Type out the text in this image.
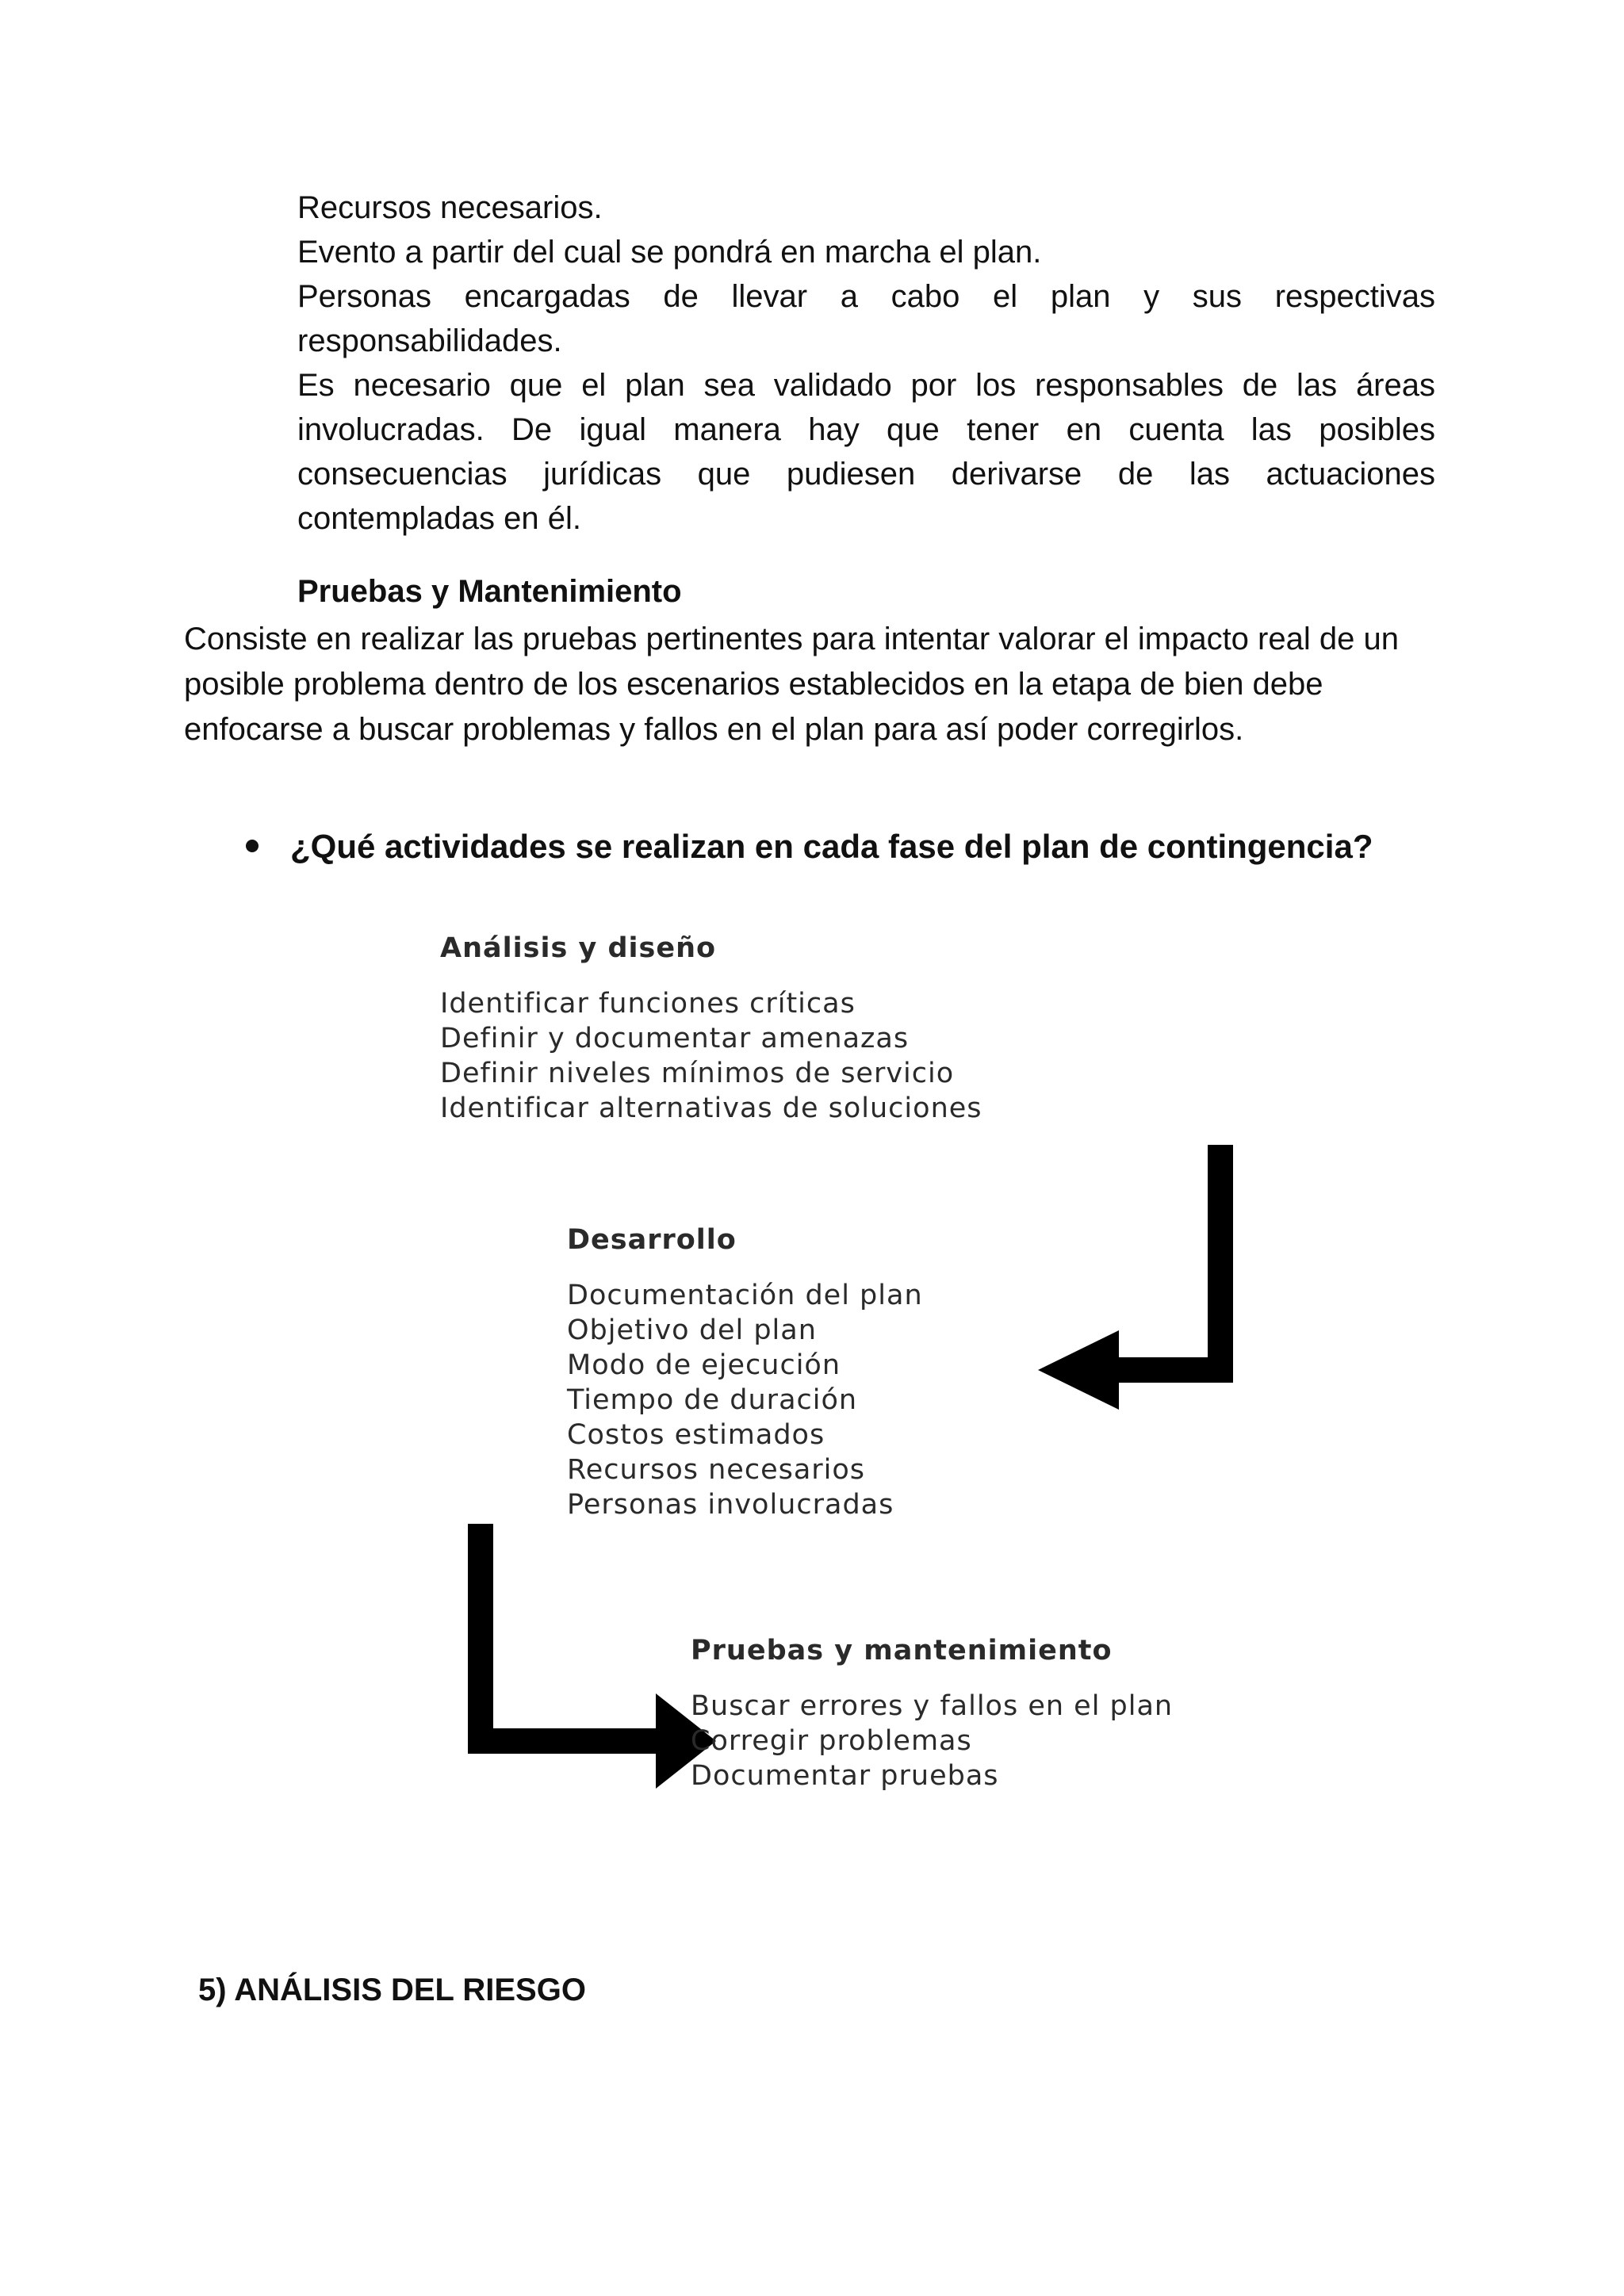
Recursos necesarios.
Evento a partir del cual se pondrá en marcha el plan.
Personas encargadas de llevar a cabo el plan y sus respectivas
responsabilidades.
Es necesario que el plan sea validado por los responsables de las áreas
involucradas. De igual manera hay que tener en cuenta las posibles
consecuencias jurídicas que pudiesen derivarse de las actuaciones
contempladas en él.
Pruebas y Mantenimiento
Consiste en realizar las pruebas pertinentes para intentar valorar el impacto real de un
posible problema dentro de los escenarios establecidos en la etapa de bien debe
enfocarse a buscar problemas y fallos en el plan para así poder corregirlos.
¿Qué actividades se realizan en cada fase del plan de contingencia?
Análisis y diseño
Identificar funciones críticas
Definir y documentar amenazas
Definir niveles mínimos de servicio
Identificar alternativas de soluciones
Desarrollo
Documentación del plan
Objetivo del plan
Modo de ejecución
Tiempo de duración
Costos estimados
Recursos necesarios
Personas involucradas
Pruebas y mantenimiento
Buscar errores y fallos en el plan
Corregir problemas
Documentar pruebas
5) ANÁLISIS DEL RIESGO
